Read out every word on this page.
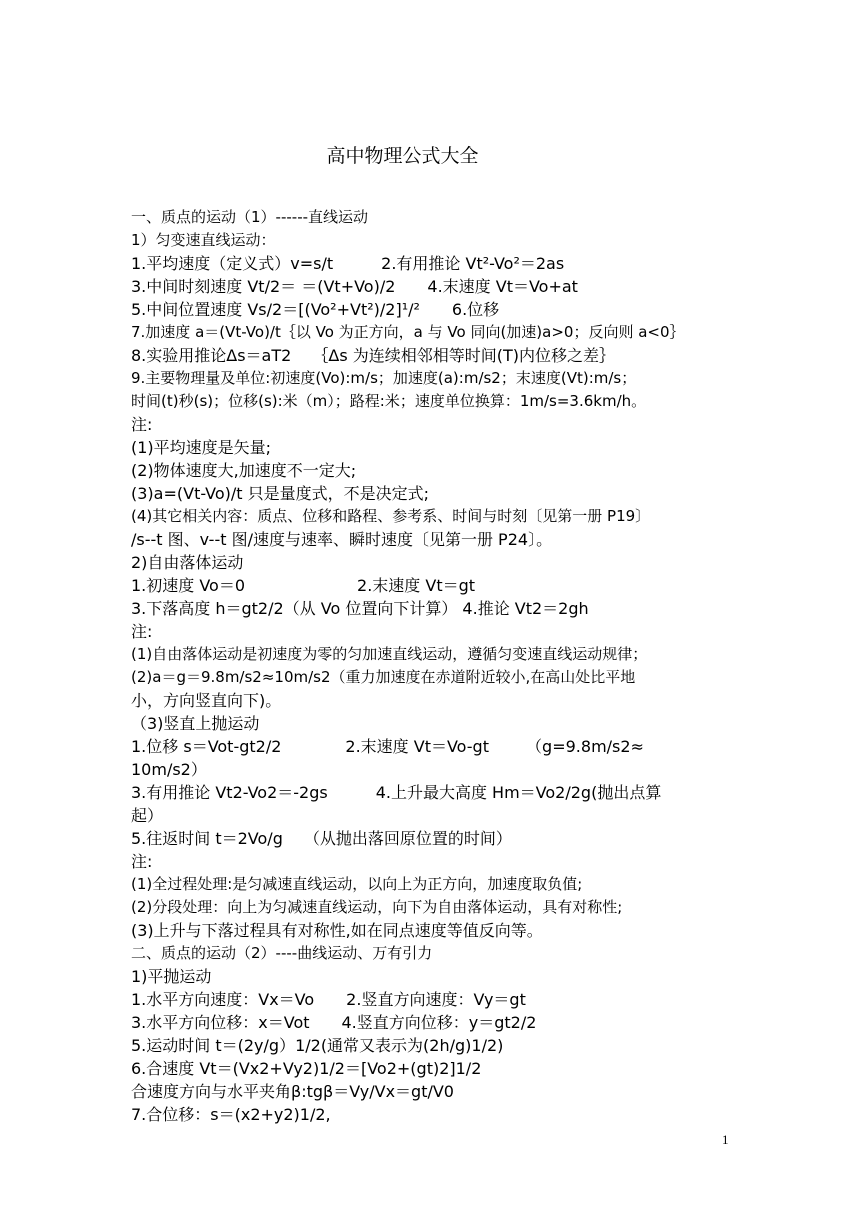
高中物理公式大全
一、质点的运动（1）------直线运动
1）匀变速直线运动：
1.平均速度（定义式）v=s/t　　　2.有用推论 Vt²-Vo²＝2as
3.中间时刻速度 Vt/2＝ ＝(Vt+Vo)/2　　4.末速度 Vt＝Vo+at
5.中间位置速度 Vs/2＝[(Vo²+Vt²)/2]¹/²　　6.位移
7.加速度 a＝(Vt-Vo)/t｛以 Vo 为正方向，a 与 Vo 同向(加速)a>0；反向则 a<0｝
8.实验用推论Δs＝aT2　 ｛Δs 为连续相邻相等时间(T)内位移之差｝
9.主要物理量及单位:初速度(Vo):m/s；加速度(a):m/s2；末速度(Vt):m/s；
时间(t)秒(s)；位移(s):米（m）；路程:米；速度单位换算：1m/s=3.6km/h。
注:
(1)平均速度是矢量;
(2)物体速度大,加速度不一定大;
(3)a=(Vt-Vo)/t 只是量度式，不是决定式;
(4)其它相关内容：质点、位移和路程、参考系、时间与时刻〔见第一册 P19〕
/s--t 图、v--t 图/速度与速率、瞬时速度〔见第一册 P24〕。
2)自由落体运动
1.初速度 Vo＝0　　　　　　　2.末速度 Vt＝gt
3.下落高度 h＝gt2/2（从 Vo 位置向下计算） 4.推论 Vt2＝2gh
注:
(1)自由落体运动是初速度为零的匀加速直线运动，遵循匀变速直线运动规律；
(2)a＝g＝9.8m/s2≈10m/s2（重力加速度在赤道附近较小,在高山处比平地
小，方向竖直向下)。
（3)竖直上抛运动
1.位移 s＝Vot-gt2/2　　　　2.末速度 Vt＝Vo-gt　　 （g=9.8m/s2≈
10m/s2）
3.有用推论 Vt2-Vo2＝-2gs　　　4.上升最大高度 Hm＝Vo2/2g(抛出点算
起）
5.往返时间 t＝2Vo/g　 （从抛出落回原位置的时间）
注:
(1)全过程处理:是匀减速直线运动，以向上为正方向，加速度取负值;
(2)分段处理：向上为匀减速直线运动，向下为自由落体运动，具有对称性;
(3)上升与下落过程具有对称性,如在同点速度等值反向等。
二、质点的运动（2）----曲线运动、万有引力
1)平抛运动
1.水平方向速度：Vx＝Vo　　2.竖直方向速度：Vy＝gt
3.水平方向位移：x＝Vot　　4.竖直方向位移：y＝gt2/2
5.运动时间 t＝(2y/g）1/2(通常又表示为(2h/g)1/2)
6.合速度 Vt＝(Vx2+Vy2)1/2＝[Vo2+(gt)2]1/2
合速度方向与水平夹角β:tgβ＝Vy/Vx＝gt/V0
7.合位移：s＝(x2+y2)1/2,
1
